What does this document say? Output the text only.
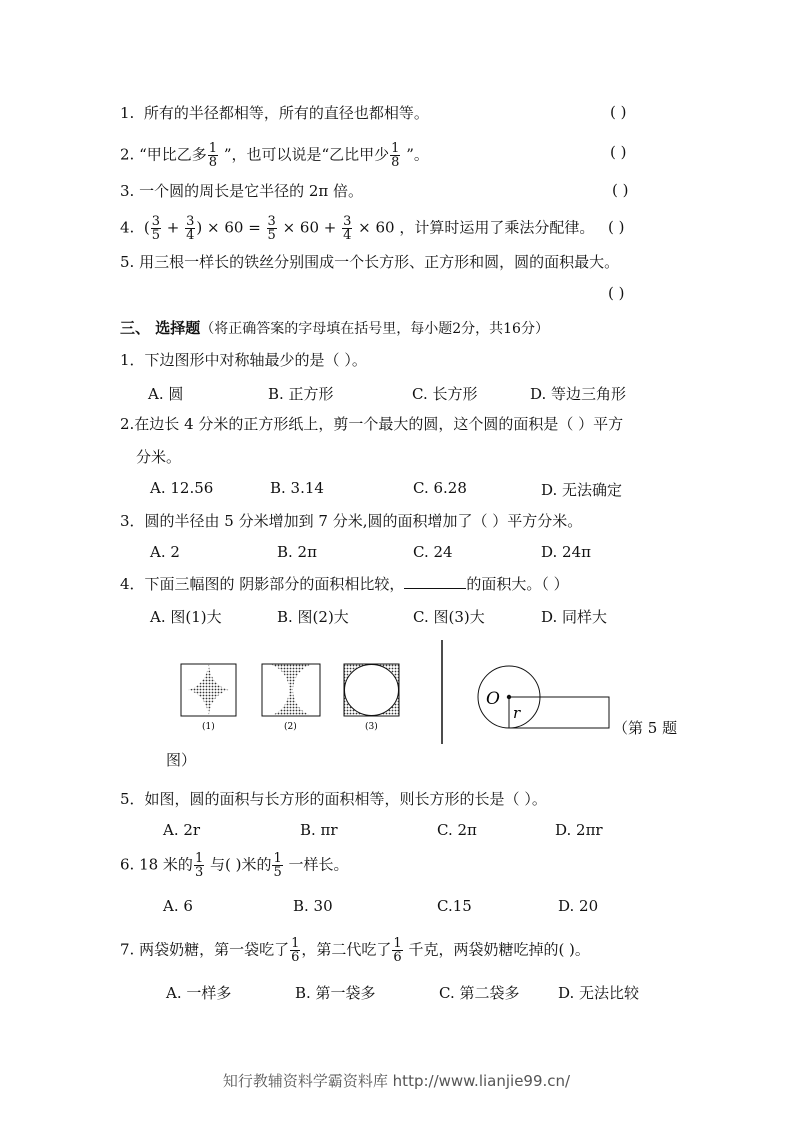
1. 所有的半径都相等，所有的直径也都相等。	( )
2. “甲比乙多 $\frac{1}{8}$ ”，也可以说是“乙比甲少 $\frac{1}{8}$ ”。	( )
3. 一个圆的周长是它半径的 2π 倍。	( )
4. ( $\frac{3}{5} + \frac{3}{4}$ ) × $60 = \frac{3}{5} \times 60 + \frac{3}{4} \times 60$ ，计算时运用了乘法分配律。 ( )
5. 用三根一样长的铁丝分别围成一个长方形、正方形和圆，圆的面积最大。
( )
三、 选择题（将正确答案的字母填在括号里，每小题2分，共16分）
1．下边图形中对称轴最少的是（ ）。
A. 圆	B. 正方形	C. 长方形	D. 等边三角形
2.在边长 4 分米的正方形纸上，剪一个最大的圆，这个圆的面积是（ ）平方
分米。
A. 12.56	B. 3.14	C. 6.28	D. 无法确定
3．圆的半径由 5 分米增加到 7 分米,圆的面积增加了（ ）平方分米。
A. 2	B. 2π	C. 24	D. 24π
4．下面三幅图的 阴影部分的面积相比较，	的面积大。（ ）
A. 图(1)大	B. 图(2)大	C. 图(3)大	D. 同样大
(1)	(2)	(3)
O
r
（第 5 题
图）
5．如图，圆的面积与长方形的面积相等，则长方形的长是（ ）。
A. 2r	B. πr	C. 2π	D. 2πr
6. 18 米的 $\frac{1}{3}$ 与( )米的 $\frac{1}{5}$ 一样长。
A. 6	B. 30	C.15	D. 20
7. 两袋奶糖，第一袋吃了 $\frac{1}{6}$ ，第二代吃了 $\frac{1}{6}$ 千克，两袋奶糖吃掉的( )。
A. 一样多	B. 第一袋多	C. 第二袋多	D. 无法比较
知行教辅资料学霸资料库 http://www.lianjie99.cn/
